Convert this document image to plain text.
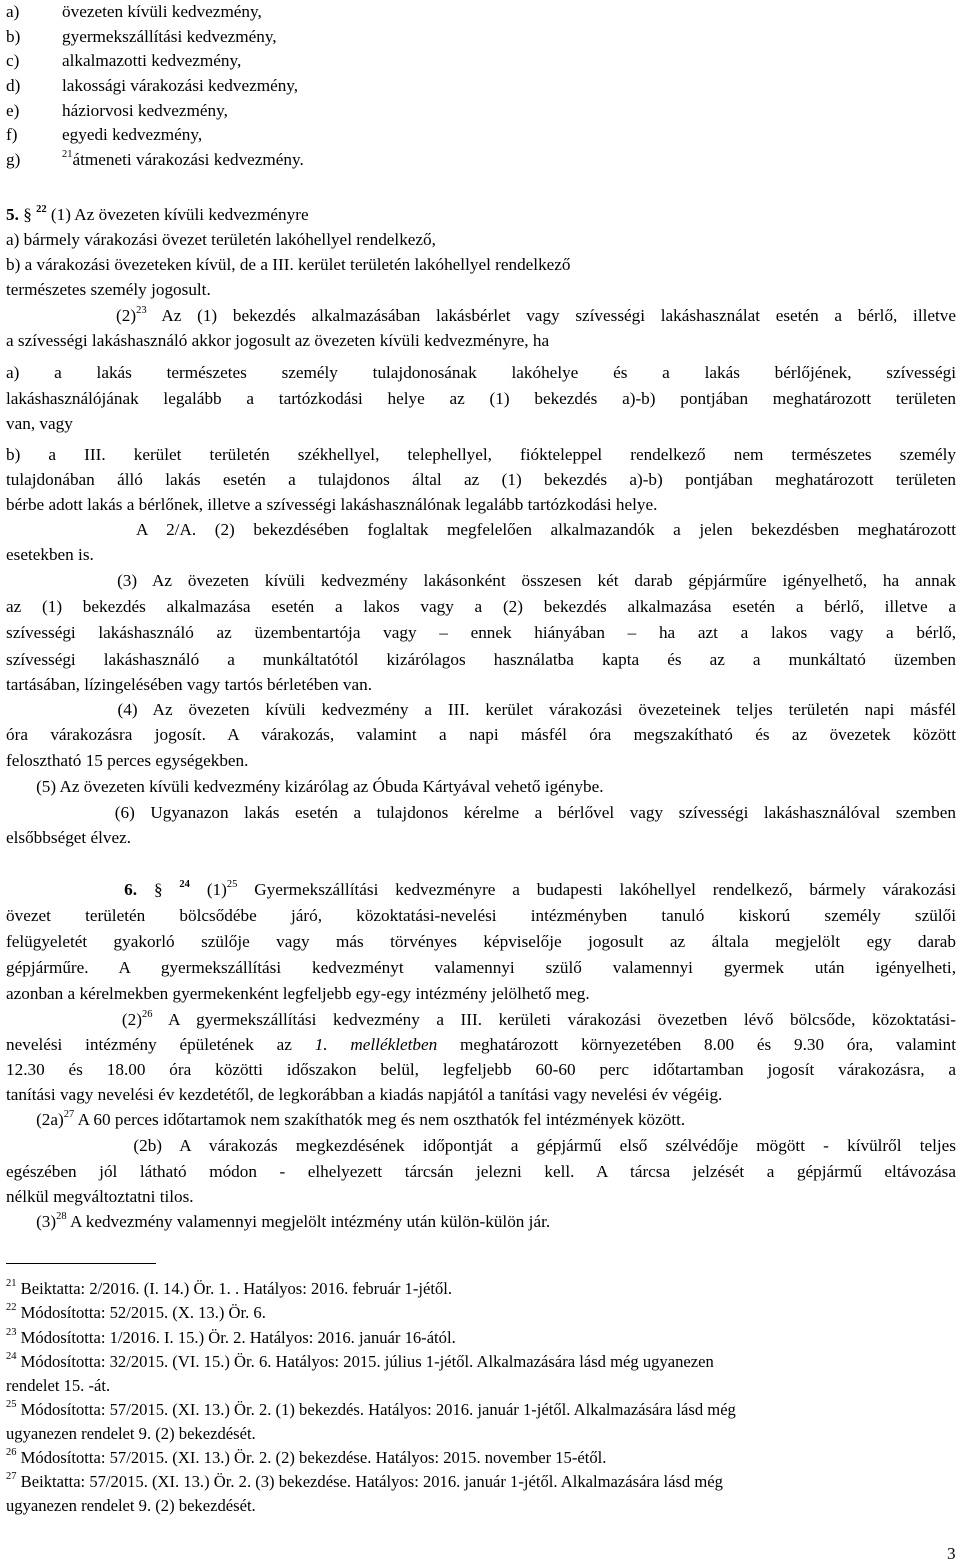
a) övezeten kívüli kedvezmény,
b) gyermekszállítási kedvezmény,
c) alkalmazotti kedvezmény,
d) lakossági várakozási kedvezmény,
e) háziorvosi kedvezmény,
f)	egyedi kedvezmény,
g)	$^{21}$átmeneti várakozási kedvezmény.
5. § $^{22}$ (1) Az övezeten kívüli kedvezményre
a) bármely várakozási övezet területén lakóhellyel rendelkező,
b) a várakozási övezeteken kívül, de a III. kerület területén lakóhellyel rendelkező
természetes személy jogosult.
$(2)^{23}$ Az (1) bekezdés alkalmazásában lakásbérlet vagy szívességi lakáshasználat esetén a bérlő, illetve
a szívességi lakáshasználó akkor jogosult az övezeten kívüli kedvezményre, ha
a) a lakás természetes személy tulajdonosának lakóhelye és a lakás bérlőjének, szívességi
lakáshasználójának legalább a tartózkodási helye az (1) bekezdés a)-b) pontjában meghatározott területen
van, vagy
b) a III. kerület területén székhellyel, telephellyel, fiókteleppel rendelkező nem természetes személy
tulajdonában álló lakás esetén a tulajdonos által az (1) bekezdés a)-b) pontjában meghatározott területen
bérbe adott lakás a bérlőnek, illetve a szívességi lakáshasználónak legalább tartózkodási helye.
A 2/A. (2) bekezdésében foglaltak megfelelően alkalmazandók a jelen bekezdésben meghatározott
esetekben is.
(3) Az övezeten kívüli kedvezmény lakásonként összesen két darab gépjárműre igényelhető, ha annak
az (1) bekezdés alkalmazása esetén a lakos vagy a (2) bekezdés alkalmazása esetén a bérlő, illetve a
szívességi lakáshasználó az üzembentartója vagy – ennek hiányában – ha azt a lakos vagy a bérlő,
szívességi lakáshasználó a munkáltatótól kizárólagos használatba kapta és az a munkáltató üzemben
tartásában, lízingelésében vagy tartós bérletében van.
(4) Az övezeten kívüli kedvezmény a III. kerület várakozási övezeteinek teljes területén napi másfél
óra várakozásra jogosít. A várakozás, valamint a napi másfél óra megszakítható és az övezetek között
felosztható 15 perces egységekben.
(5) Az övezeten kívüli kedvezmény kizárólag az Óbuda Kártyával vehető igénybe.
(6) Ugyanazon lakás esetén a tulajdonos kérelme a bérlővel vagy szívességi lakáshasználóval szemben
elsőbbséget élvez.
6. § $^{24}$ $(1)^{25}$ Gyermekszállítási kedvezményre a budapesti lakóhellyel rendelkező, bármely várakozási
övezet területén bölcsődébe járó, közoktatási-nevelési intézményben tanuló kiskorú személy szülői
felügyeletét gyakorló szülője vagy más törvényes képviselője jogosult az általa megjelölt egy darab
gépjárműre. A gyermekszállítási kedvezményt valamennyi szülő valamennyi gyermek után igényelheti,
azonban a kérelmekben gyermekenként legfeljebb egy-egy intézmény jelölhető meg.
$(2)^{26}$ A gyermekszállítási kedvezmény a III. kerületi várakozási övezetben lévő bölcsőde, közoktatási-
nevelési intézmény épületének az 1. mellékletben meghatározott környezetében 8.00 és 9.30 óra, valamint
12.30 és 18.00 óra közötti időszakon belül, legfeljebb 60-60 perc időtartamban jogosít várakozásra, a
tanítási vagy nevelési év kezdetétől, de legkorábban a kiadás napjától a tanítási vagy nevelési év végéig.
$(2a)^{27}$ A 60 perces időtartamok nem szakíthatók meg és nem oszthatók fel intézmények között.
(2b) A várakozás megkezdésének időpontját a gépjármű első szélvédője mögött - kívülről teljes
egészében jól látható módon - elhelyezett tárcsán jelezni kell. A tárcsa jelzését a gépjármű eltávozása
nélkül megváltoztatni tilos.
$(3)^{28}$ A kedvezmény valamennyi megjelölt intézmény után külön-külön jár.
$^{21}$ Beiktatta: 2/2016. (I. 14.) Ör. 1. . Hatályos: 2016. február 1-jétől.
$^{22}$ Módosította: 52/2015. (X. 13.) Ör. 6.
$^{23}$ Módosította: 1/2016. I. 15.) Ör. 2. Hatályos: 2016. január 16-ától.
$^{24}$ Módosította: 32/2015. (VI. 15.) Ör. 6. Hatályos: 2015. július 1-jétől. Alkalmazására lásd még ugyanezen
rendelet 15. -át.
$^{25}$ Módosította: 57/2015. (XI. 13.) Ör. 2. (1) bekezdés. Hatályos: 2016. január 1-jétől. Alkalmazására lásd még
ugyanezen rendelet 9. (2) bekezdését.
$^{26}$ Módosította: 57/2015. (XI. 13.) Ör. 2. (2) bekezdése. Hatályos: 2015. november 15-étől.
$^{27}$ Beiktatta: 57/2015. (XI. 13.) Ör. 2. (3) bekezdése. Hatályos: 2016. január 1-jétől. Alkalmazására lásd még
ugyanezen rendelet 9. (2) bekezdését.
3
